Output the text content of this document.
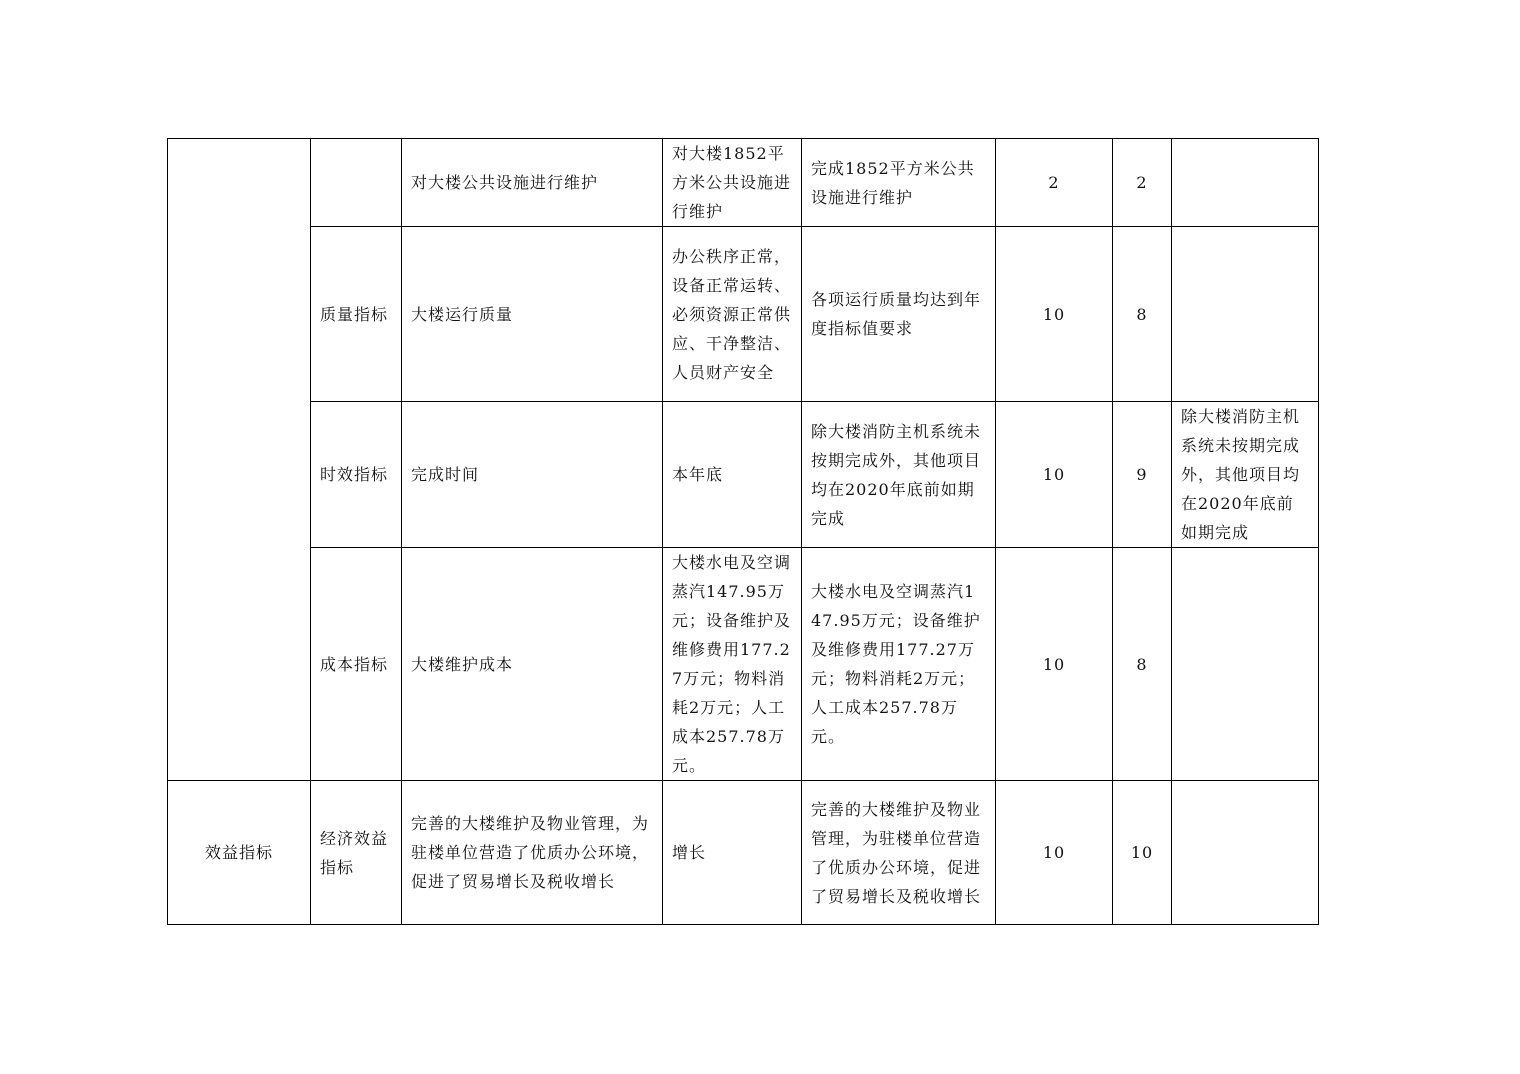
		对大楼公共设施进行维护	对大楼1852平方米公共设施进行维护	完成1852平方米公共设施进行维护	2	2	
	质量指标	大楼运行质量	办公秩序正常，设备正常运转、必须资源正常供应、干净整洁、人员财产安全	各项运行质量均达到年度指标值要求	10	8	
	时效指标	完成时间	本年底	除大楼消防主机系统未按期完成外，其他项目均在2020年底前如期完成	10	9	除大楼消防主机系统未按期完成外，其他项目均在2020年底前如期完成
	成本指标	大楼维护成本	大楼水电及空调蒸汽147.95万元；设备维护及维修费用177.27万元；物料消耗2万元；人工成本257.78万元。	大楼水电及空调蒸汽147.95万元；设备维护及维修费用177.27万元；物料消耗2万元；人工成本257.78万元。	10	8	
效益指标	经济效益指标	完善的大楼维护及物业管理，为驻楼单位营造了优质办公环境，促进了贸易增长及税收增长	增长	完善的大楼维护及物业管理，为驻楼单位营造了优质办公环境，促进了贸易增长及税收增长	10	10	
